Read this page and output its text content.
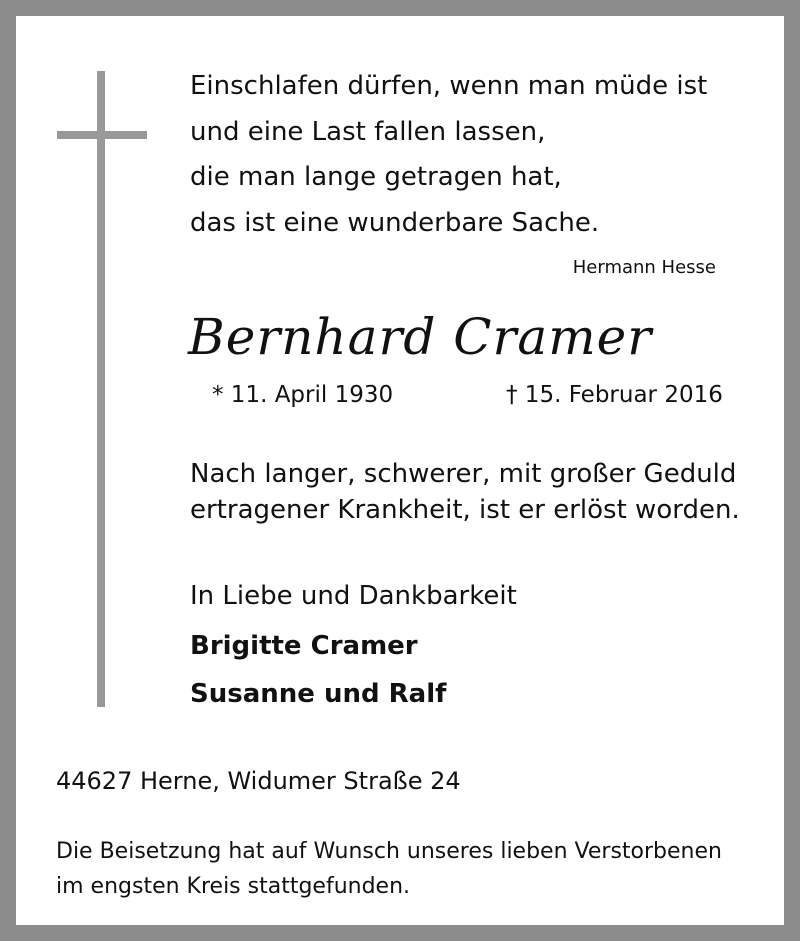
Einschlafen dürfen, wenn man müde ist
und eine Last fallen lassen,
die man lange getragen hat,
das ist eine wunderbare Sache.
Hermann Hesse
Bernhard Cramer
* 11. April 1930	† 15. Februar 2016
Nach langer, schwerer, mit großer Geduld
ertragener Krankheit, ist er erlöst worden.
In Liebe und Dankbarkeit
Brigitte Cramer
Susanne und Ralf
44627 Herne, Widumer Straße 24
Die Beisetzung hat auf Wunsch unseres lieben Verstorbenen
im engsten Kreis stattgefunden.
